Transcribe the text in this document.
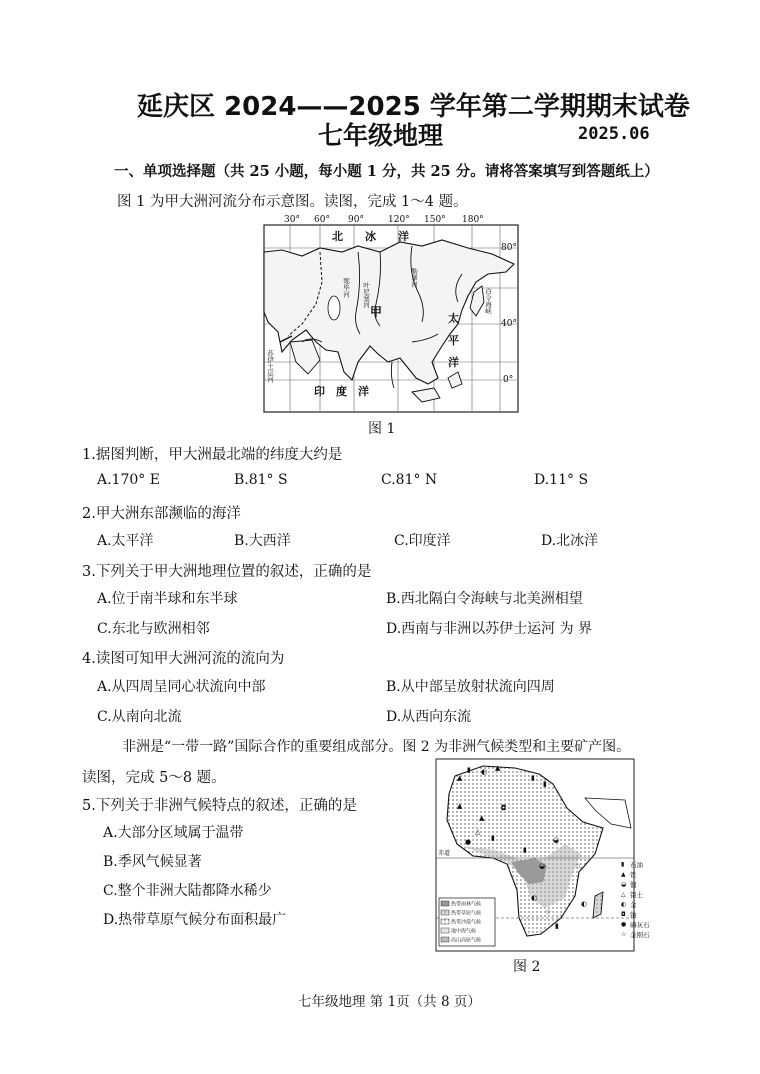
延庆区 2024——2025 学年第二学期期末试卷
七年级地理	2025.06
一、单项选择题（共 25 小题，每小题 1 分，共 25 分。请将答案填写到答题纸上）
图 1 为甲大洲河流分布示意图。读图，完成 1～4 题。
30° 60° 90°	120° 150° 180°
80°
40°
0°
北 冰 洋
太
平
洋
印 度 洋
甲
叶尼塞河
鄂毕河
勒拿河
白令海峡
苏伊士运河
图 1
1.据图判断，甲大洲最北端的纬度大约是
A.170° E	B.81° S	C.81° N	D.11° S
2.甲大洲东部濒临的海洋
A.太平洋	B.大西洋	C.印度洋	D.北冰洋
3.下列关于甲大洲地理位置的叙述，正确的是
A.位于南半球和东半球	B.西北隔白令海峡与北美洲相望
C.东北与欧洲相邻	D.西南与非洲以苏伊士运河 为 界
4.读图可知甲大洲河流的流向为
A.从四周呈同心状流向中部	B.从中部呈放射状流向四周
C.从南向北流	D.从西向东流
非洲是“一带一路”国际合作的重要组成部分。图 2 为非洲气候类型和主要矿产图。
读图，完成 5～8 题。
5.下列关于非洲气候特点的叙述，正确的是
A.大部分区域属于温带
B.季风气候显著
C.整个非洲大陆都降水稀少
D.热带草原气候分布面积最广
赤道
▲
▮ ◐ ▲
▮
▮
▲	◘
▲
●
△
▮
▮
◒
◒
◐
☆
▮
☆
◐
热带雨林气候
热带草原气候
热带沙漠气候
地中海气候
高山高原气候
▮
▲
◒
△
◐
◘
●
☆
石油
铁
铜
铝土
金
铀
磷灰石
金刚石
图 2
七年级地理 第 1页（共 8 页）
